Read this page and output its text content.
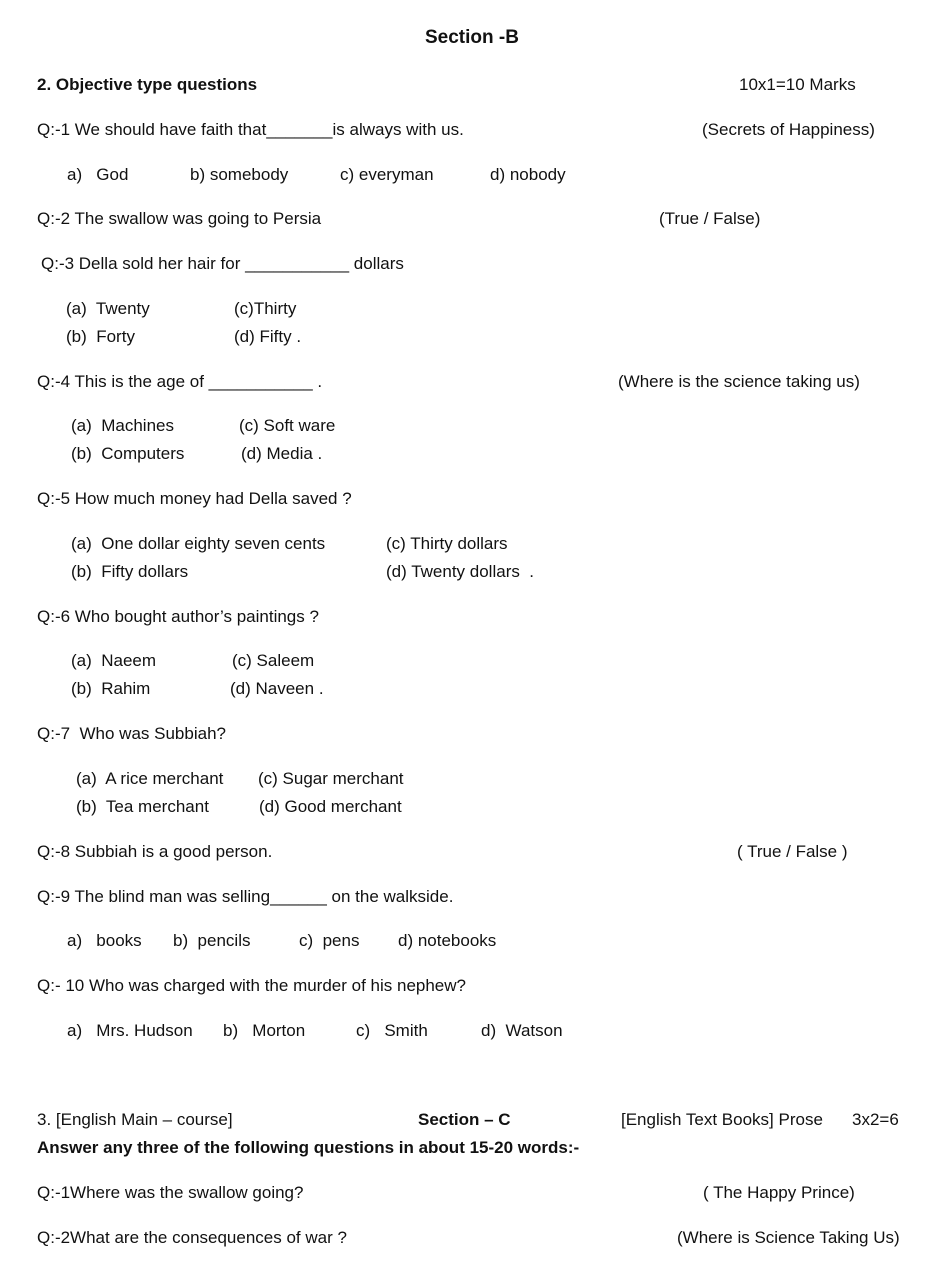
Section -B
2. Objective type questions	10x1=10 Marks
Q:-1 We should have faith that_______is always with us.	(Secrets of Happiness)
a)   God	b) somebody	c) everyman	d) nobody
Q:-2 The swallow was going to Persia	(True / False)
Q:-3 Della sold her hair for ___________ dollars
(a)  Twenty	(c)Thirty
(b)  Forty	(d) Fifty .
Q:-4 This is the age of ___________ .	(Where is the science taking us)
(a)  Machines	(c) Soft ware
(b)  Computers	(d) Media .
Q:-5 How much money had Della saved ?
(a)  One dollar eighty seven cents	(c) Thirty dollars
(b)  Fifty dollars	(d) Twenty dollars  .
Q:-6 Who bought author’s paintings ?
(a)  Naeem	(c) Saleem
(b)  Rahim	(d) Naveen .
Q:-7  Who was Subbiah?
(a)  A rice merchant (c) Sugar merchant
(b)  Tea merchant	(d) Good merchant
Q:-8 Subbiah is a good person.	( True / False )
Q:-9 The blind man was selling______ on the walkside.
a)   books b)  pencils	c)  pens d) notebooks
Q:- 10 Who was charged with the murder of his nephew?
a)   Mrs. Hudson b)   Morton	c)   Smith	d)  Watson
3. [English Main – course]	Section – C	[English Text Books] Prose 3x2=6
Answer any three of the following questions in about 15-20 words:-
Q:-1Where was the swallow going?	( The Happy Prince)
Q:-2What are the consequences of war ?	(Where is Science Taking Us)
